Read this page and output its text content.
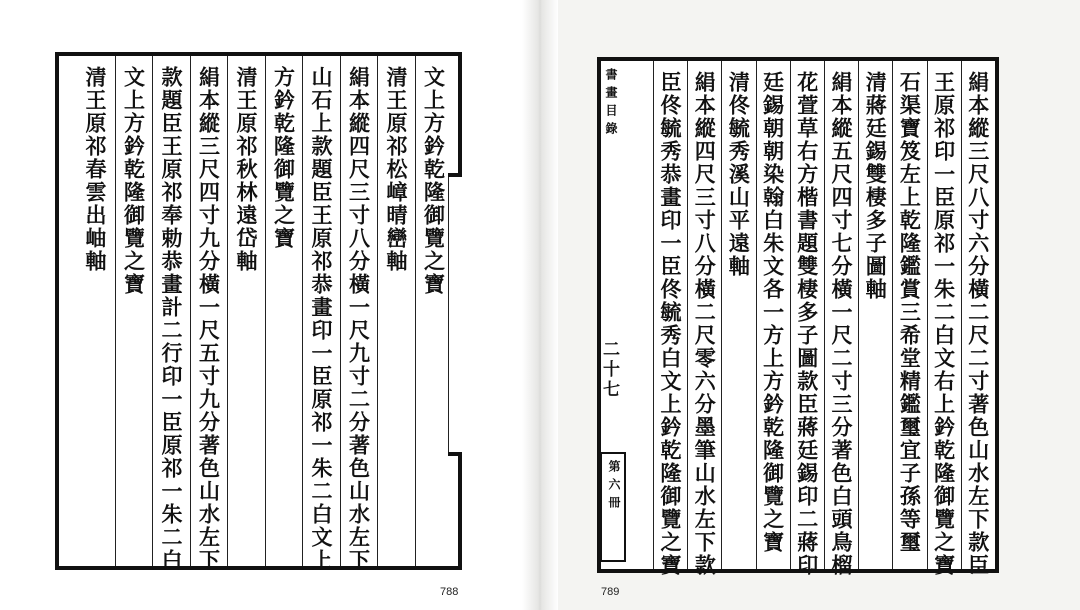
文上方鈐乾隆御覽之寶
清王原祁松嶂晴巒軸
絹本縱四尺三寸八分橫一尺九寸二分著色山水左下
山石上款題臣王原祁恭畫印一臣原祁一朱二白文上
方鈐乾隆御覽之寶
清王原祁秋林遠岱軸
絹本縱三尺四寸九分橫一尺五寸九分著色山水左下
款題臣王原祁奉勅恭畫計二行印一臣原祁一朱二白
文上方鈐乾隆御覽之寶
清王原祁春雲出岫軸
788
絹本縱三尺八寸六分橫二尺二寸著色山水左下款臣
王原祁印一臣原祁一朱二白文右上鈐乾隆御覽之寶
石渠寶笈左上乾隆鑑賞三希堂精鑑璽宜子孫等璽
清蔣廷錫雙棲多子圖軸
絹本縱五尺四寸七分橫一尺二寸三分著色白頭鳥榴
花萱草右方楷書題雙棲多子圖款臣蔣廷錫印二蔣印
廷錫朝朝染翰白朱文各一方上方鈐乾隆御覽之寶
清佟毓秀溪山平遠軸
絹本縱四尺三寸八分橫二尺零六分墨筆山水左下款
臣佟毓秀恭畫印一臣佟毓秀白文上鈐乾隆御覽之寶
書畫目錄
二十七
第六冊
789
